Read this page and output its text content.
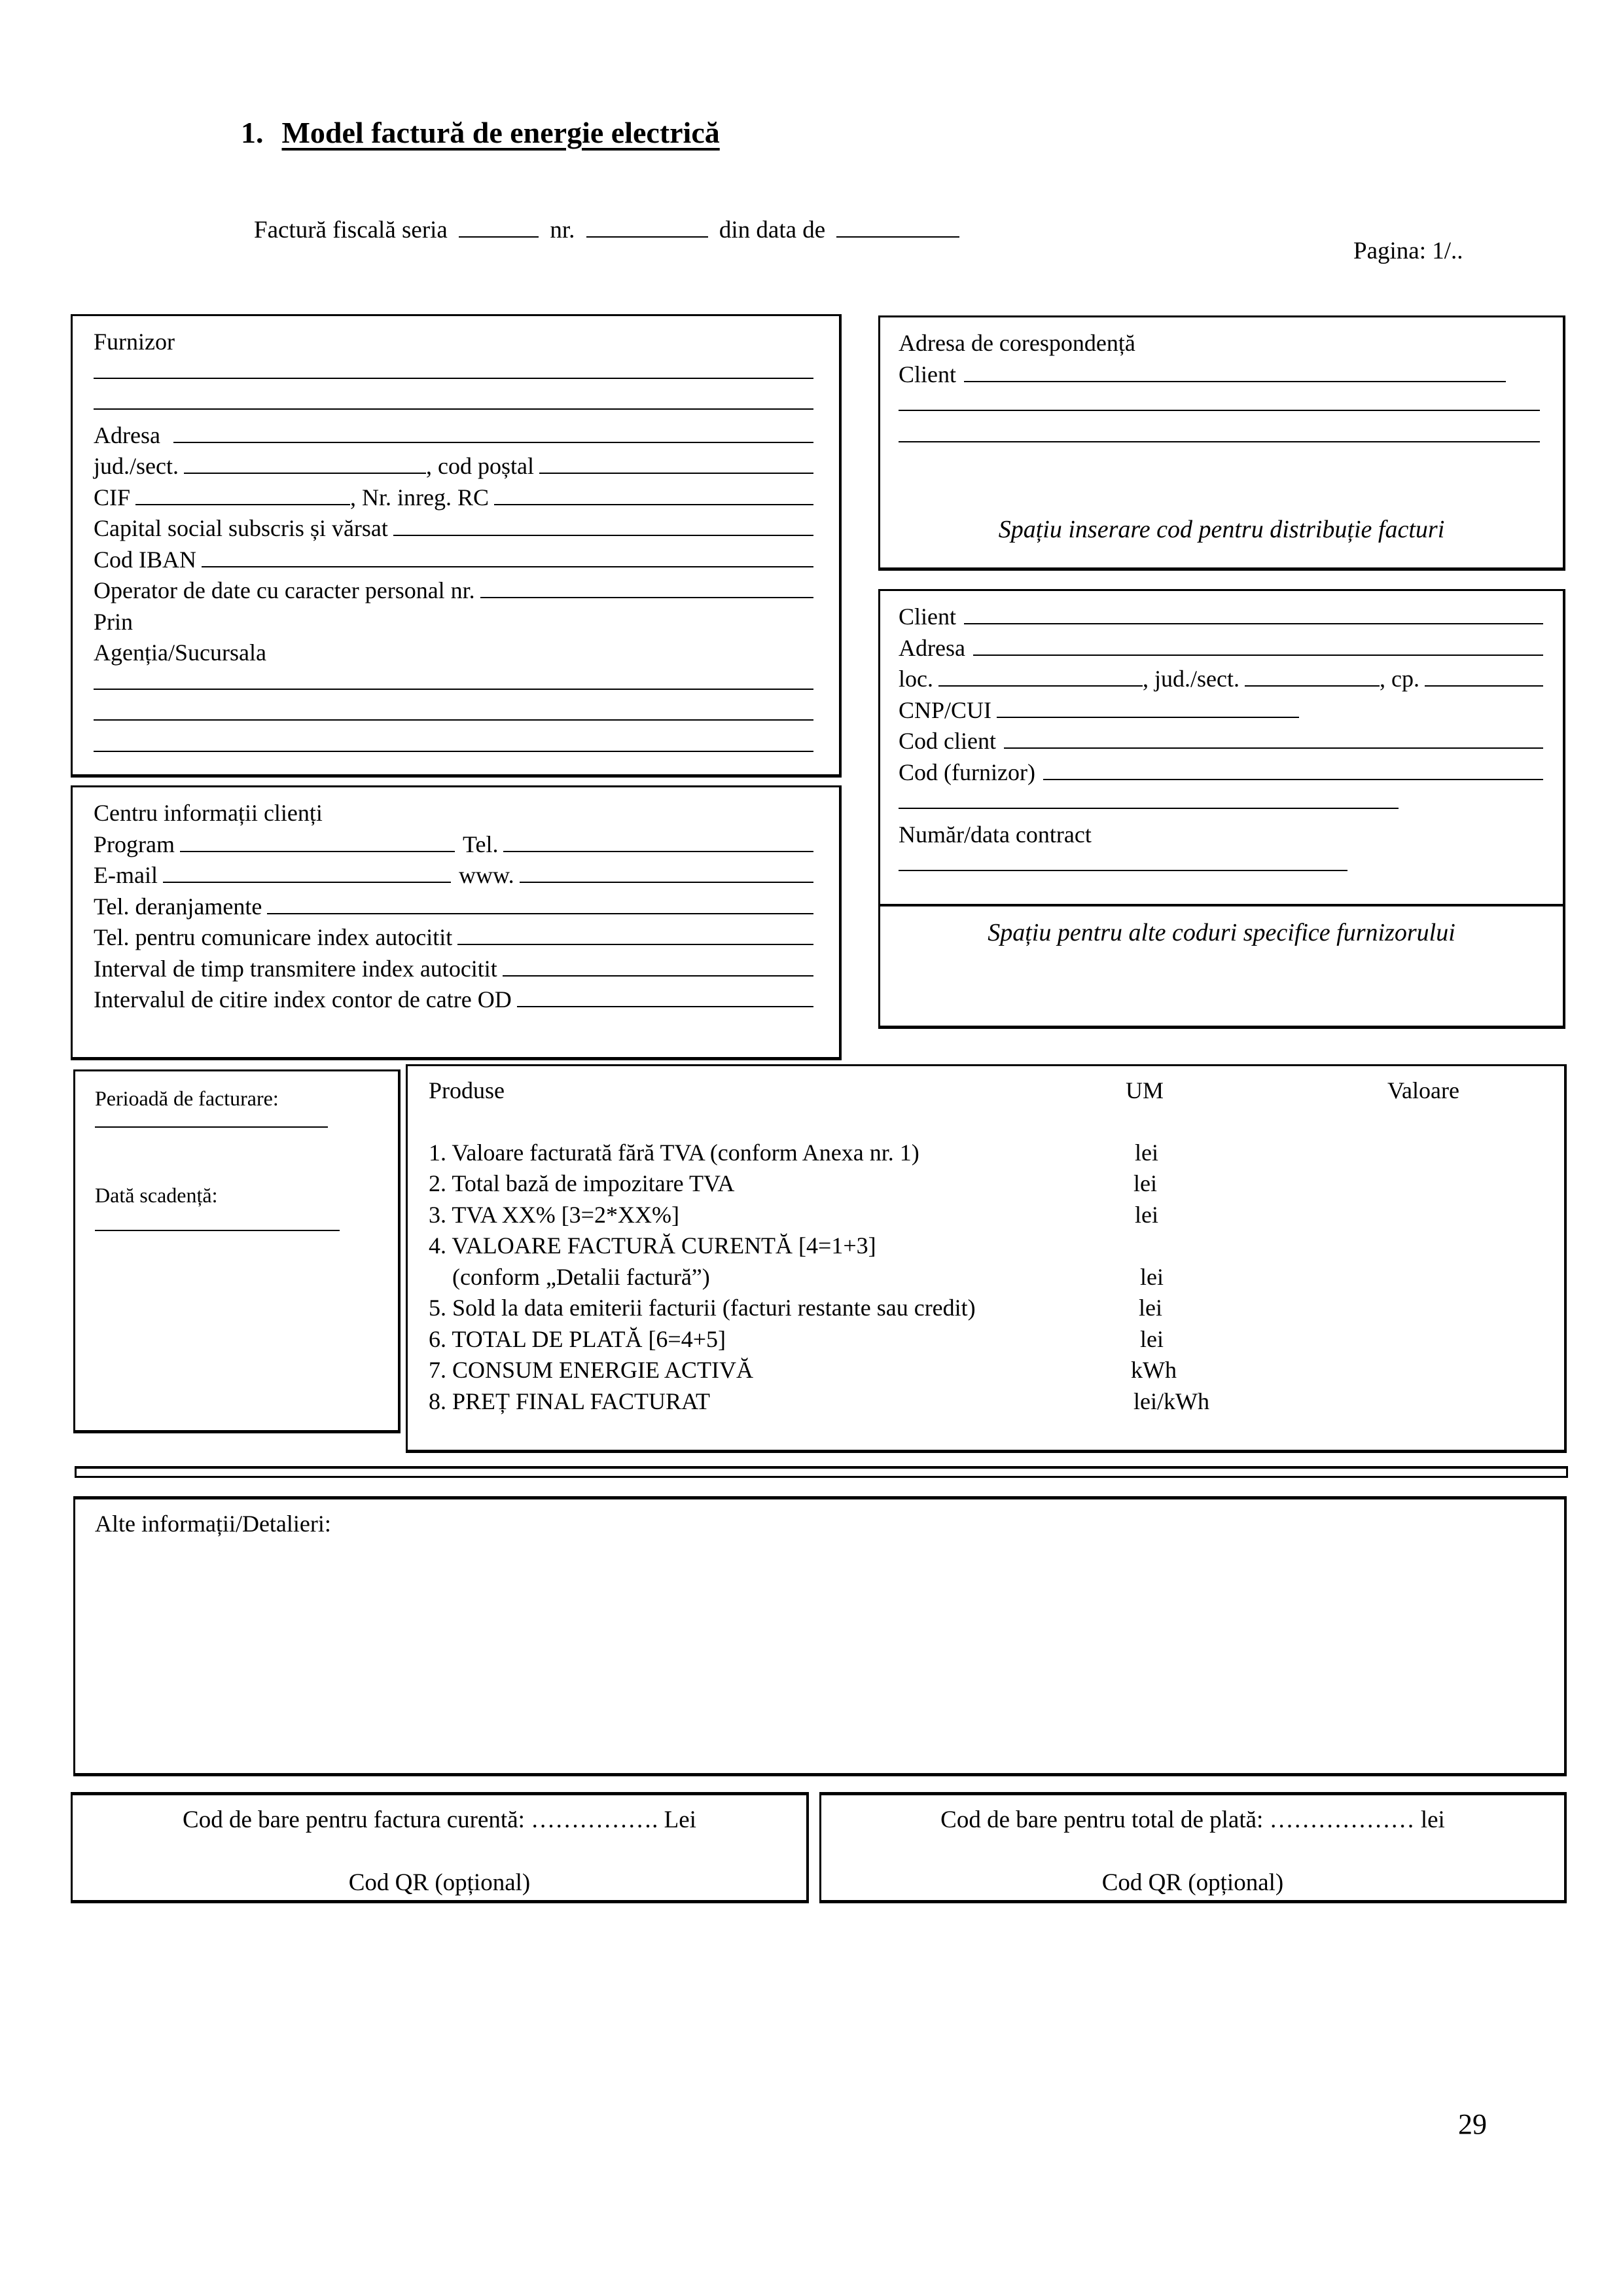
1. Model factură de energie electrică
Factură fiscală seria	nr.	din data de
Pagina: 1/..
Furnizor
Adresa
jud./sect.	, cod poștal
CIF	, Nr. inreg. RC
Capital social subscris și vărsat
Cod IBAN
Operator de date cu caracter personal nr.
Prin
Agenția/Sucursala
Centru informații clienți
Program	Tel.
E-mail	www.
Tel. deranjamente
Tel. pentru comunicare index autocitit
Interval de timp transmitere index autocitit
Intervalul de citire index contor de catre OD
Adresa de corespondență
Client
Spațiu inserare cod pentru distribuție facturi
Client
Adresa
loc.	, jud./sect.	, cp.
CNP/CUI
Cod client
Cod (furnizor)
Număr/data contract
Spațiu pentru alte coduri specifice furnizorului
Perioadă de facturare:
Dată scadență:
Produse	UM	Valoare
1. Valoare facturată fără TVA (conform Anexa nr. 1)	lei
2. Total bază de impozitare TVA	lei
3. TVA XX% [3=2*XX%]	lei
4. VALOARE FACTURĂ CURENTĂ [4=1+3]
(conform „Detalii factură”)	lei
5. Sold la data emiterii facturii (facturi restante sau credit)	lei
6. TOTAL DE PLATĂ [6=4+5]	lei
7. CONSUM ENERGIE ACTIVĂ	kWh
8. PREȚ FINAL FACTURAT	lei/kWh
Alte informații/Detalieri:
Cod de bare pentru factura curentă: ……………. Lei
Cod QR (opțional)
Cod de bare pentru total de plată: ……………… lei
Cod QR (opțional)
29
